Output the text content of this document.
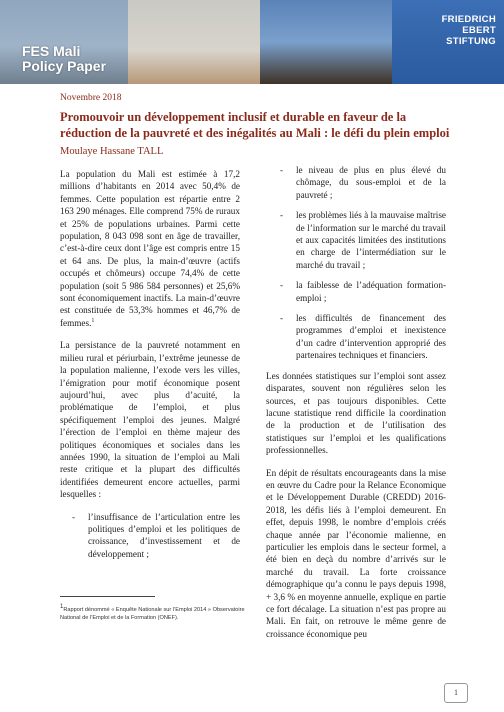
FES Mali
Policy Paper
FRIEDRICH
EBERT
STIFTUNG
Novembre 2018
Promouvoir un développement inclusif et durable en faveur de la réduction de la pauvreté et des inégalités au Mali : le défi du plein emploi
Moulaye Hassane TALL

La population du Mali est estimée à 17,2 millions d’habitants en 2014 avec 50,4% de femmes. Cette population est répartie entre 2 163 290 ménages. Elle comprend 75% de ruraux et 25% de populations urbaines. Parmi cette population, 8 043 098 sont en âge de travailler, c’est-à-dire ceux dont l’âge est compris entre 15 et 64 ans. De plus, la main-d’œuvre (actifs occupés et chômeurs) occupe 74,4% de cette population (soit 5 986 584 personnes) et 25,6% sont économiquement inactifs. La main-d’œuvre est constituée de 53,3% hommes et 46,7% de femmes.$^1$

La persistance de la pauvreté notamment en milieu rural et périurbain, l’extrême jeunesse de la population malienne, l’exode vers les villes, l’émigration pour motif économique posent aujourd’hui, avec plus d’acuité, la problématique de l’emploi, et plus spécifiquement l’emploi des jeunes. Malgré l’érection de l’emploi en thème majeur des politiques économiques et sociales dans les années 1990, la situation de l’emploi au Mali reste critique et la plupart des difficultés identifiées demeurent encore actuelles, parmi lesquelles :

- l’insuffisance de l’articulation entre les politiques d’emploi et les politiques de croissance, d’investissement et de développement ;
- le niveau de plus en plus élevé du chômage, du sous-emploi et de la pauvreté ;
- les problèmes liés à la mauvaise maîtrise de l’information sur le marché du travail et aux capacités limitées des institutions en charge de l’intermédiation sur le marché du travail ;
- la faiblesse de l’adéquation formation-emploi ;
- les difficultés de financement des programmes d’emploi et inexistence d’un cadre d’intervention approprié des partenaires techniques et financiers.

Les données statistiques sur l’emploi sont assez disparates, souvent non régulières selon les sources, et pas toujours disponibles. Cette lacune statistique rend difficile la coordination de la production et de l’utilisation des statistiques sur l’emploi et les qualifications professionnelles.

En dépit de résultats encourageants dans la mise en œuvre du Cadre pour la Relance Economique et le Développement Durable (CREDD) 2016-2018, les défis liés à l’emploi demeurent. En effet, depuis 1998, le nombre d’emplois créés chaque année par l’économie malienne, en particulier les emplois dans le secteur formel, a été bien en deçà du nombre d’arrivés sur le marché du travail. La forte croissance démographique qu’a connu le pays depuis 1998, + 3,6 % en moyenne annuelle, explique en partie ce fort décalage. La situation n’est pas propre au Mali. En fait, on retrouve le même genre de croissance économique peu

$^1$Rapport dénommé « Enquête Nationale sur l’Emploi 2014 » Observatoire National de l’Emploi et de la Formation (ONEF).
1
